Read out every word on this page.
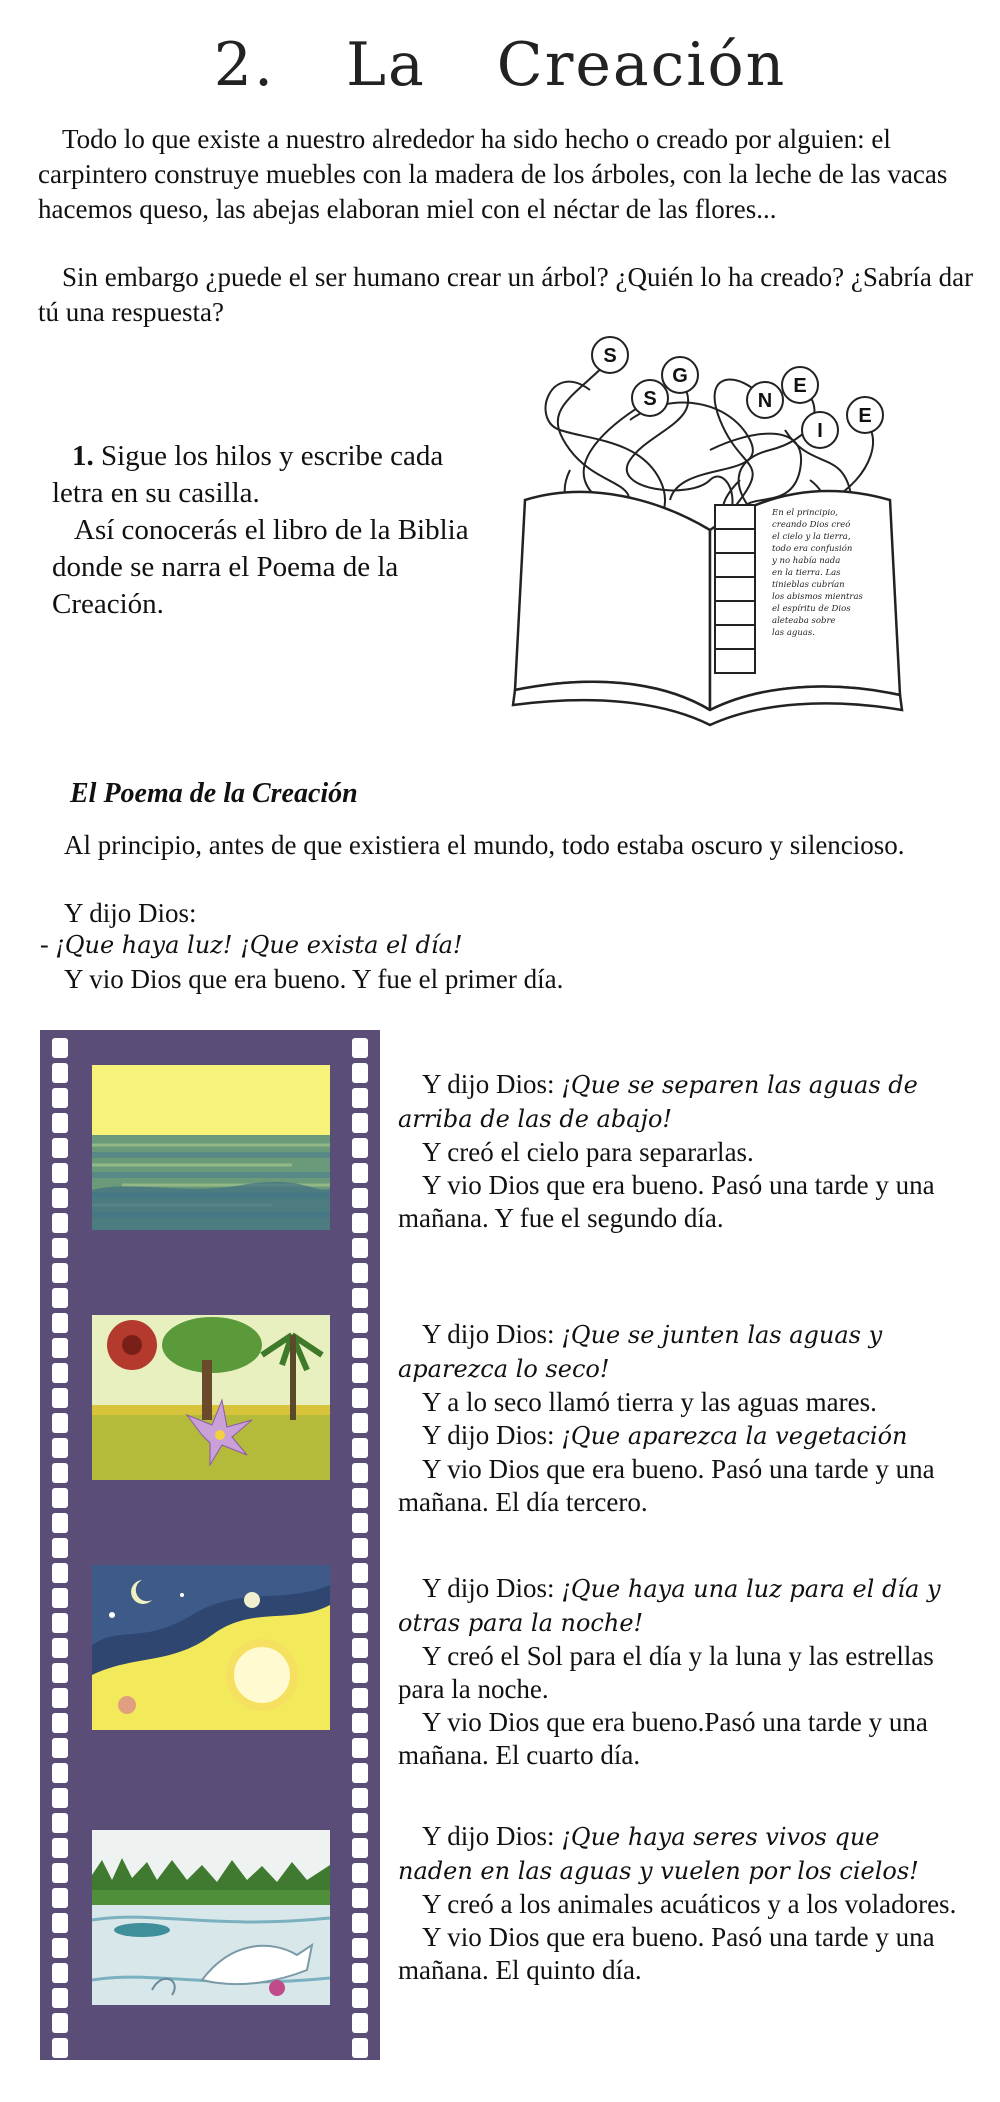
2. La Creación
Todo lo que existe a nuestro alrededor ha sido hecho o creado por alguien: el carpintero construye muebles con la madera de los árboles, con la leche de las vacas hacemos queso, las abejas elaboran miel con el néctar de las flores...
Sin embargo ¿puede el ser humano crear un árbol? ¿Quién lo ha creado? ¿Sabría dar tú una respuesta?
1. Sigue los hilos y escribe cada letra en su casilla.
Así conocerás el libro de la Biblia donde se narra el Poema de la Creación.
S
G
S	N
E
I
E
En el principio,
creando Dios creó
el cielo y la tierra,
todo era confusión
y no había nada
en la tierra. Las
tinieblas cubrían
los abismos mientras
el espíritu de Dios
aleteaba sobre
las aguas.
El Poema de la Creación
Al principio, antes de que existiera el mundo, todo estaba oscuro y silencioso.
Y dijo Dios:
- ¡Que haya luz! ¡Que exista el día!
Y vio Dios que era bueno. Y fue el primer día.
Y dijo Dios: ¡Que se separen las aguas de arriba de las de abajo!
Y creó el cielo para separarlas.
Y vio Dios que era bueno. Pasó una tarde y una mañana. Y fue el segundo día.
Y dijo Dios: ¡Que se junten las aguas y aparezca lo seco!
Y a lo seco llamó tierra y las aguas mares.
Y dijo Dios: ¡Que aparezca la vegetación
Y vio Dios que era bueno. Pasó una tarde y una mañana. El día tercero.
Y dijo Dios: ¡Que haya una luz para el día y otras para la noche!
Y creó el Sol para el día y la luna y las estrellas para la noche.
Y vio Dios que era bueno.Pasó una tarde y una mañana. El cuarto día.
Y dijo Dios: ¡Que haya seres vivos que naden en las aguas y vuelen por los cielos!
Y creó a los animales acuáticos y a los voladores.
Y vio Dios que era bueno. Pasó una tarde y una mañana. El quinto día.
